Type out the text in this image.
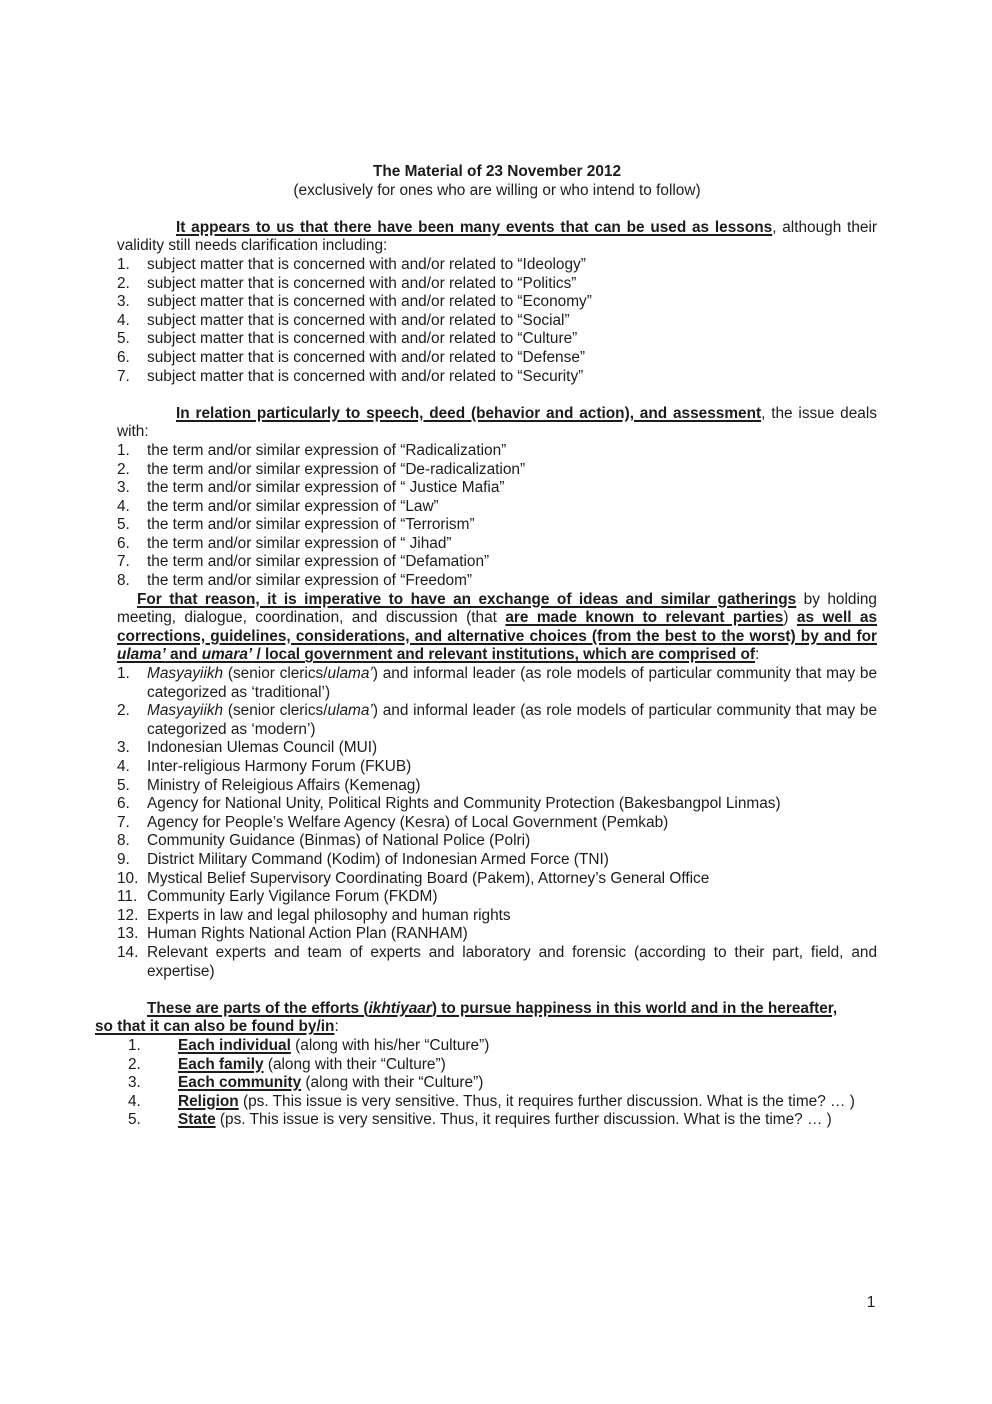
The Material of 23 November 2012
(exclusively for ones who are willing or who intend to follow)
It appears to us that there have been many events that can be used as lessons, although their validity still needs clarification including:
1. subject matter that is concerned with and/or related to “Ideology”
2. subject matter that is concerned with and/or related to “Politics”
3. subject matter that is concerned with and/or related to “Economy”
4. subject matter that is concerned with and/or related to “Social”
5. subject matter that is concerned with and/or related to “Culture”
6. subject matter that is concerned with and/or related to “Defense”
7. subject matter that is concerned with and/or related to “Security”
In relation particularly to speech, deed (behavior and action), and assessment, the issue deals with:
1. the term and/or similar expression of “Radicalization”
2. the term and/or similar expression of “De-radicalization”
3. the term and/or similar expression of “ Justice Mafia”
4. the term and/or similar expression of “Law”
5. the term and/or similar expression of “Terrorism”
6. the term and/or similar expression of “ Jihad”
7. the term and/or similar expression of “Defamation”
8. the term and/or similar expression of “Freedom”
For that reason, it is imperative to have an exchange of ideas and similar gatherings by holding meeting, dialogue, coordination, and discussion (that are made known to relevant parties) as well as corrections, guidelines, considerations, and alternative choices (from the best to the worst) by and for ulama’ and umara’ / local government and relevant institutions, which are comprised of:
1. Masyayiikh (senior clerics/ulama’) and informal leader (as role models of particular community that may be categorized as ‘traditional’)
2. Masyayiikh (senior clerics/ulama’) and informal leader (as role models of particular community that may be categorized as ‘modern’)
3. Indonesian Ulemas Council (MUI)
4. Inter-religious Harmony Forum (FKUB)
5. Ministry of Releigious Affairs (Kemenag)
6. Agency for National Unity, Political Rights and Community Protection (Bakesbangpol Linmas)
7. Agency for People’s Welfare Agency (Kesra) of Local Government (Pemkab)
8. Community Guidance (Binmas) of National Police (Polri)
9. District Military Command (Kodim) of Indonesian Armed Force (TNI)
10. Mystical Belief Supervisory Coordinating Board (Pakem), Attorney’s General Office
11. Community Early Vigilance Forum (FKDM)
12. Experts in law and legal philosophy and human rights
13. Human Rights National Action Plan (RANHAM)
14. Relevant experts and team of experts and laboratory and forensic (according to their part, field, and expertise)
These are parts of the efforts (ikhtiyaar) to pursue happiness in this world and in the hereafter, so that it can also be found by/in:
1. Each individual (along with his/her “Culture”)
2. Each family (along with their “Culture”)
3. Each community (along with their “Culture”)
4. Religion (ps. This issue is very sensitive. Thus, it requires further discussion. What is the time? … )
5. State (ps. This issue is very sensitive. Thus, it requires further discussion. What is the time? … )
1
